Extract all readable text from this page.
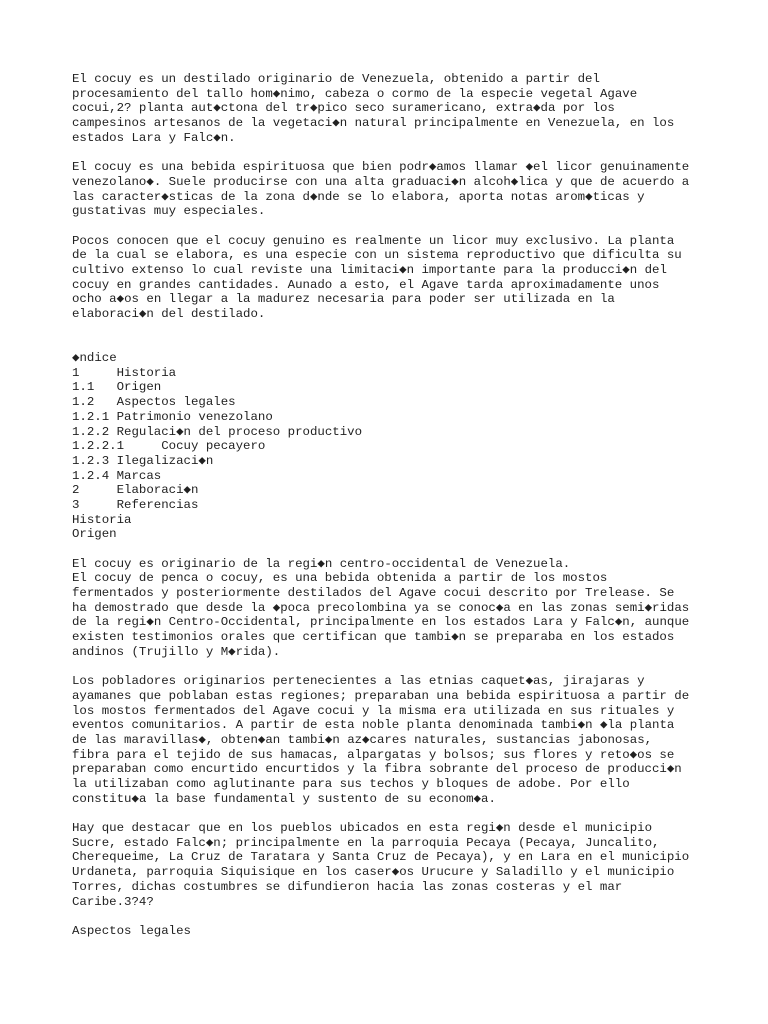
El cocuy es un destilado originario de Venezuela, obtenido a partir del
procesamiento del tallo hom◆nimo, cabeza o cormo de la especie vegetal Agave
cocui,2? planta aut◆ctona del tr◆pico seco suramericano, extra◆da por los
campesinos artesanos de la vegetaci◆n natural principalmente en Venezuela, en los
estados Lara y Falc◆n.
El cocuy es una bebida espirituosa que bien podr◆amos llamar ◆el licor genuinamente
venezolano◆. Suele producirse con una alta graduaci◆n alcoh◆lica y que de acuerdo a
las caracter◆sticas de la zona d◆nde se lo elabora, aporta notas arom◆ticas y
gustativas muy especiales.
Pocos conocen que el cocuy genuino es realmente un licor muy exclusivo. La planta
de la cual se elabora, es una especie con un sistema reproductivo que dificulta su
cultivo extenso lo cual reviste una limitaci◆n importante para la producci◆n del
cocuy en grandes cantidades. Aunado a esto, el Agave tarda aproximadamente unos
ocho a◆os en llegar a la madurez necesaria para poder ser utilizada en la
elaboraci◆n del destilado.
◆ndice
1     Historia
1.1   Origen
1.2   Aspectos legales
1.2.1 Patrimonio venezolano
1.2.2 Regulaci◆n del proceso productivo
1.2.2.1     Cocuy pecayero
1.2.3 Ilegalizaci◆n
1.2.4 Marcas
2     Elaboraci◆n
3     Referencias
Historia
Origen
El cocuy es originario de la regi◆n centro-occidental de Venezuela.
El cocuy de penca o cocuy, es una bebida obtenida a partir de los mostos
fermentados y posteriormente destilados del Agave cocui descrito por Trelease. Se
ha demostrado que desde la ◆poca precolombina ya se conoc◆a en las zonas semi◆ridas
de la regi◆n Centro-Occidental, principalmente en los estados Lara y Falc◆n, aunque
existen testimonios orales que certifican que tambi◆n se preparaba en los estados
andinos (Trujillo y M◆rida).
Los pobladores originarios pertenecientes a las etnias caquet◆as, jirajaras y
ayamanes que poblaban estas regiones; preparaban una bebida espirituosa a partir de
los mostos fermentados del Agave cocui y la misma era utilizada en sus rituales y
eventos comunitarios. A partir de esta noble planta denominada tambi◆n ◆la planta
de las maravillas◆, obten◆an tambi◆n az◆cares naturales, sustancias jabonosas,
fibra para el tejido de sus hamacas, alpargatas y bolsos; sus flores y reto◆os se
preparaban como encurtido encurtidos y la fibra sobrante del proceso de producci◆n
la utilizaban como aglutinante para sus techos y bloques de adobe. Por ello
constitu◆a la base fundamental y sustento de su econom◆a.
Hay que destacar que en los pueblos ubicados en esta regi◆n desde el municipio
Sucre, estado Falc◆n; principalmente en la parroquia Pecaya (Pecaya, Juncalito,
Cherequeime, La Cruz de Taratara y Santa Cruz de Pecaya), y en Lara en el municipio
Urdaneta, parroquia Siquisique en los caser◆os Urucure y Saladillo y el municipio
Torres, dichas costumbres se difundieron hacia las zonas costeras y el mar
Caribe.3?4?
Aspectos legales
